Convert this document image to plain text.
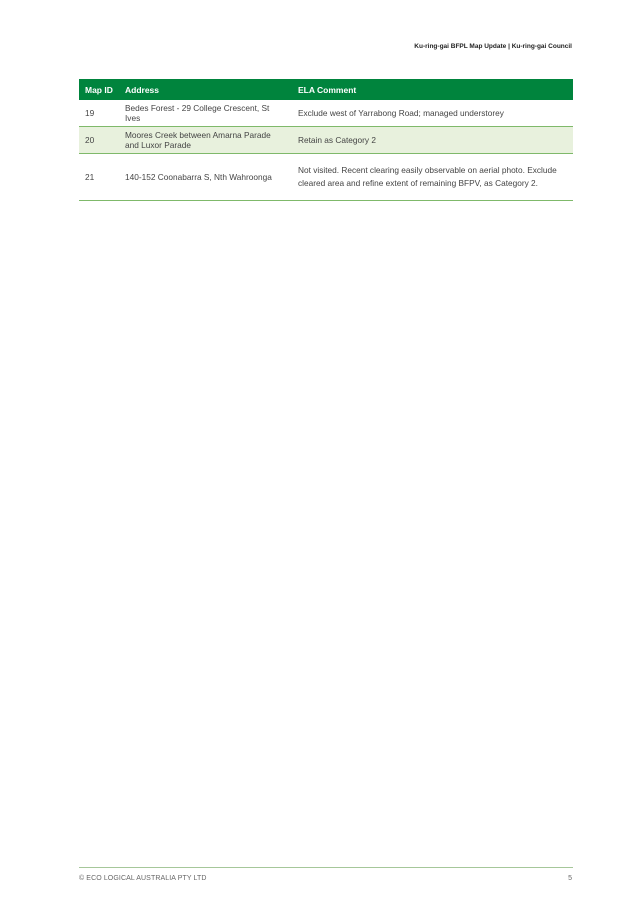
Ku-ring-gai BFPL Map Update | Ku-ring-gai Council
Map ID	Address	ELA Comment
19	Bedes Forest - 29 College Crescent, St Ives	Exclude west of Yarrabong Road; managed understorey
20	Moores Creek between Amarna Parade and Luxor Parade	Retain as Category 2
21	140-152 Coonabarra S, Nth Wahroonga	Not visited. Recent clearing easily observable on aerial photo. Exclude cleared area and refine extent of remaining BFPV, as Category 2.
© ECO LOGICAL AUSTRALIA PTY LTD	5
